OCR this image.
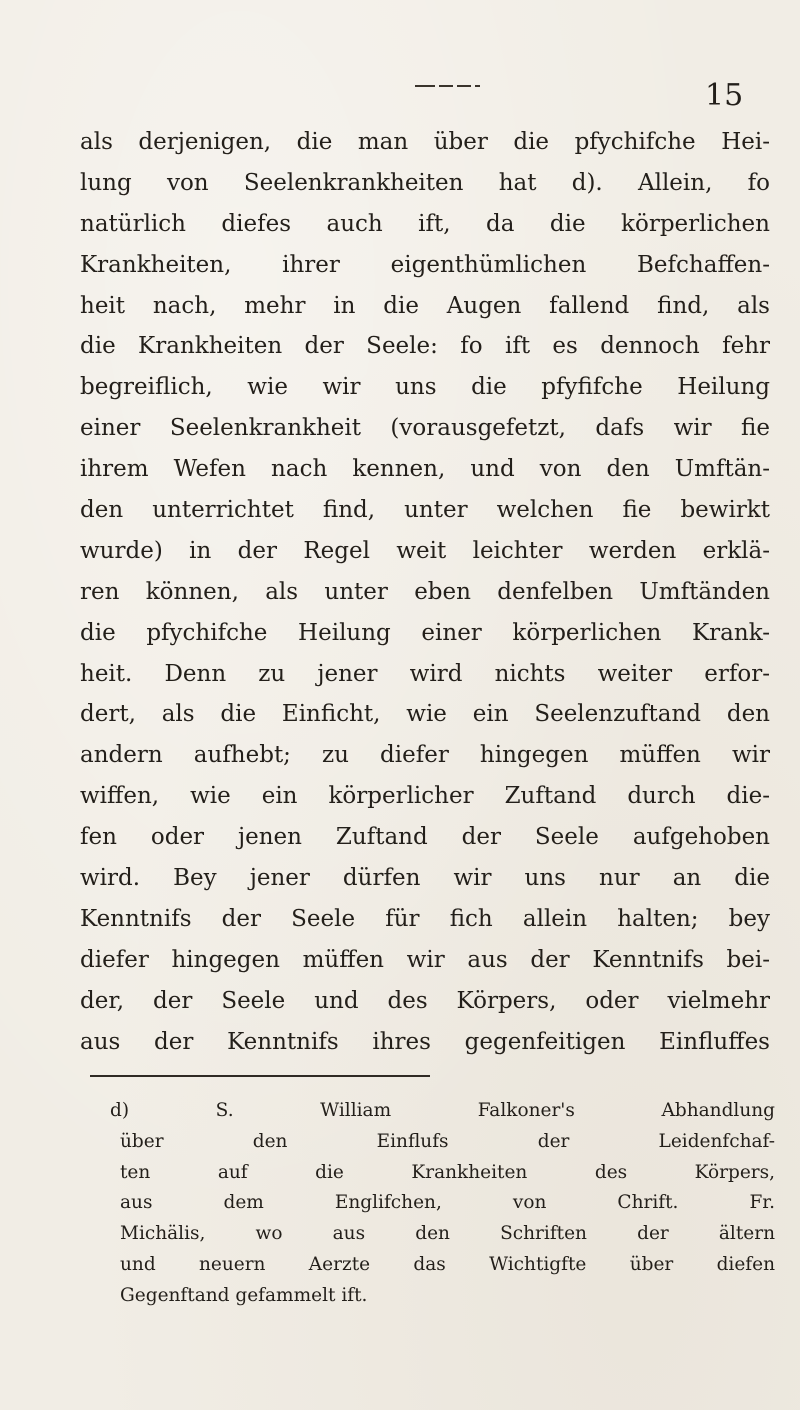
15
als derjenigen, die man über die pfychifche Hei-
lung von Seelenkrankheiten hat d). Allein, fo
natürlich diefes auch ift, da die körperlichen
Krankheiten, ihrer eigenthümlichen Befchaffen-
heit nach, mehr in die Augen fallend find, als
die Krankheiten der Seele: fo ift es dennoch fehr
begreiflich, wie wir uns die pfyfifche Heilung
einer Seelenkrankheit (vorausgefetzt, dafs wir fie
ihrem Wefen nach kennen, und von den Umftän-
den unterrichtet find, unter welchen fie bewirkt
wurde) in der Regel weit leichter werden erklä-
ren können, als unter eben denfelben Umftänden
die pfychifche Heilung einer körperlichen Krank-
heit. Denn zu jener wird nichts weiter erfor-
dert, als die Einficht, wie ein Seelenzuftand den
andern aufhebt; zu diefer hingegen müffen wir
wiffen, wie ein körperlicher Zuftand durch die-
fen oder jenen Zuftand der Seele aufgehoben
wird. Bey jener dürfen wir uns nur an die
Kenntnifs der Seele für fich allein halten; bey
diefer hingegen müffen wir aus der Kenntnifs bei-
der, der Seele und des Körpers, oder vielmehr
aus der Kenntnifs ihres gegenfeitigen Einfluffes
d) S. William Falkoner's Abhandlung
über den Einflufs der Leidenfchaf-
ten auf die Krankheiten des Körpers,
aus dem Englifchen, von Chrift. Fr.
Michälis, wo aus den Schriften der ältern
und neuern Aerzte das Wichtigfte über diefen
Gegenftand gefammelt ift.
